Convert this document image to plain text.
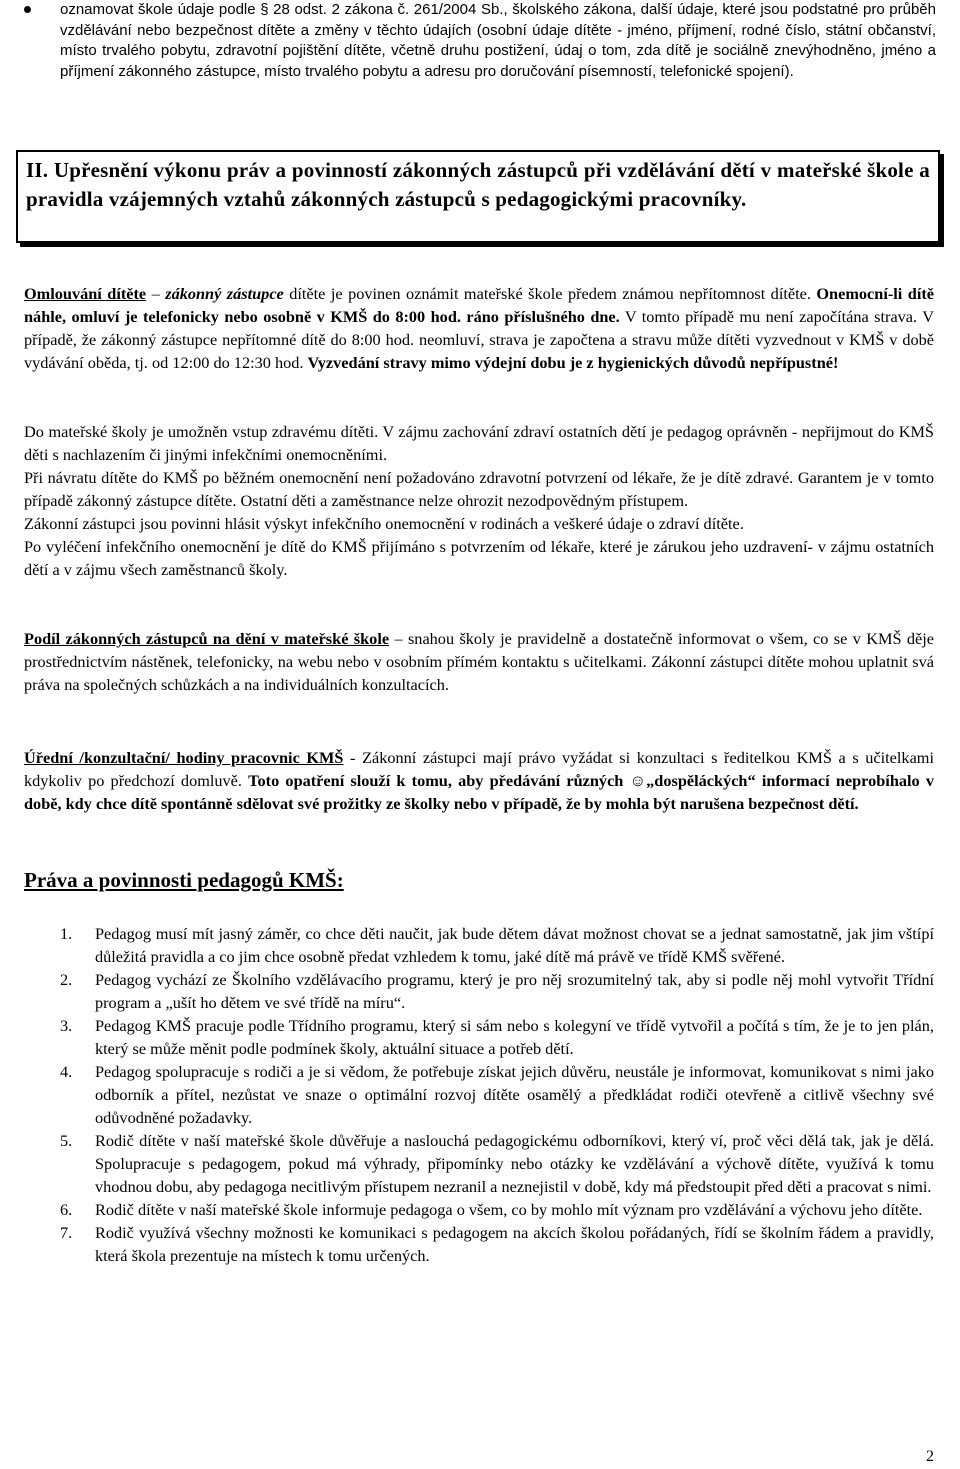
oznamovat škole údaje podle § 28 odst. 2 zákona č. 261/2004 Sb., školského zákona, další údaje, které jsou podstatné pro průběh vzdělávání nebo bezpečnost dítěte a změny v těchto údajích (osobní údaje dítěte - jméno, příjmení, rodné číslo, státní občanství, místo trvalého pobytu, zdravotní pojištění dítěte, včetně druhu postižení, údaj o tom, zda dítě je sociálně znevýhodněno, jméno a příjmení zákonného zástupce, místo trvalého pobytu a adresu pro doručování písemností, telefonické spojení).

II. Upřesnění výkonu práv a povinností zákonných zástupců při vzdělávání dětí v mateřské škole a pravidla vzájemných vztahů zákonných zástupců s pedagogickými pracovníky.

Omlouvání dítěte – zákonný zástupce dítěte je povinen oznámit mateřské škole předem známou nepřítomnost dítěte. Onemocní-li dítě náhle, omluví je telefonicky nebo osobně v KMŠ do 8:00 hod. ráno příslušného dne. V tomto případě mu není započítána strava. V případě, že zákonný zástupce nepřítomné dítě do 8:00 hod. neomluví, strava je započtena a stravu může dítěti vyzvednout v KMŠ v době vydávání oběda, tj. od 12:00 do 12:30 hod. Vyzvedání stravy mimo výdejní dobu je z hygienických důvodů nepřípustné!

Do mateřské školy je umožněn vstup zdravému dítěti. V zájmu zachování zdraví ostatních dětí je pedagog oprávněn - nepřijmout do KMŠ děti s nachlazením či jinými infekčními onemocněními.

Při návratu dítěte do KMŠ po běžném onemocnění není požadováno zdravotní potvrzení od lékaře, že je dítě zdravé. Garantem je v tomto případě zákonný zástupce dítěte. Ostatní děti a zaměstnance nelze ohrozit nezodpovědným přístupem.

Zákonní zástupci jsou povinni hlásit výskyt infekčního onemocnění v rodinách a veškeré údaje o zdraví dítěte.

Po vyléčení infekčního onemocnění je dítě do KMŠ přijímáno s potvrzením od lékaře, které je zárukou jeho uzdravení- v zájmu ostatních dětí a v zájmu všech zaměstnanců školy.

Podíl zákonných zástupců na dění v mateřské škole – snahou školy je pravidelně a dostatečně informovat o všem, co se v KMŠ děje prostřednictvím nástěnek, telefonicky, na webu nebo v osobním přímém kontaktu s učitelkami. Zákonní zástupci dítěte mohou uplatnit svá práva na společných schůzkách a na individuálních konzultacích.

Úřední /konzultační/ hodiny pracovnic KMŠ - Zákonní zástupci mají právo vyžádat si konzultaci s ředitelkou KMŠ a s učitelkami kdykoliv po předchozí domluvě. Toto opatření slouží k tomu, aby předávání různých ☺„dospěláckých“ informací neprobíhalo v době, kdy chce dítě spontánně sdělovat své prožitky ze školky nebo v případě, že by mohla být narušena bezpečnost dětí.

Práva a povinnosti pedagogů KMŠ:

1. Pedagog musí mít jasný záměr, co chce děti naučit, jak bude dětem dávat možnost chovat se a jednat samostatně, jak jim vštípí důležitá pravidla a co jim chce osobně předat vzhledem k tomu, jaké dítě má právě ve třídě KMŠ svěřené.
2. Pedagog vychází ze Školního vzdělávacího programu, který je pro něj srozumitelný tak, aby si podle něj mohl vytvořit Třídní program a „ušít ho dětem ve své třídě na míru“.
3. Pedagog KMŠ pracuje podle Třídního programu, který si sám nebo s kolegyní ve třídě vytvořil a počítá s tím, že je to jen plán, který se může měnit podle podmínek školy, aktuální situace a potřeb dětí.
4. Pedagog spolupracuje s rodiči a je si vědom, že potřebuje získat jejich důvěru, neustále je informovat, komunikovat s nimi jako odborník a přítel, nezůstat ve snaze o optimální rozvoj dítěte osamělý a předkládat rodiči otevřeně a citlivě všechny své odůvodněné požadavky.
5. Rodič dítěte v naší mateřské škole důvěřuje a naslouchá pedagogickému odborníkovi, který ví, proč věci dělá tak, jak je dělá. Spolupracuje s pedagogem, pokud má výhrady, připomínky nebo otázky ke vzdělávání a výchově dítěte, využívá k tomu vhodnou dobu, aby pedagoga necitlivým přístupem nezranil a nezneјistil v době, kdy má předstoupit před děti a pracovat s nimi.
6. Rodič dítěte v naší mateřské škole informuje pedagoga o všem, co by mohlo mít význam pro vzdělávání a výchovu jeho dítěte.
7. Rodič využívá všechny možnosti ke komunikaci s pedagogem na akcích školou pořádaných, řídí se školním řádem a pravidly, která škola prezentuje na místech k tomu určených.
2
